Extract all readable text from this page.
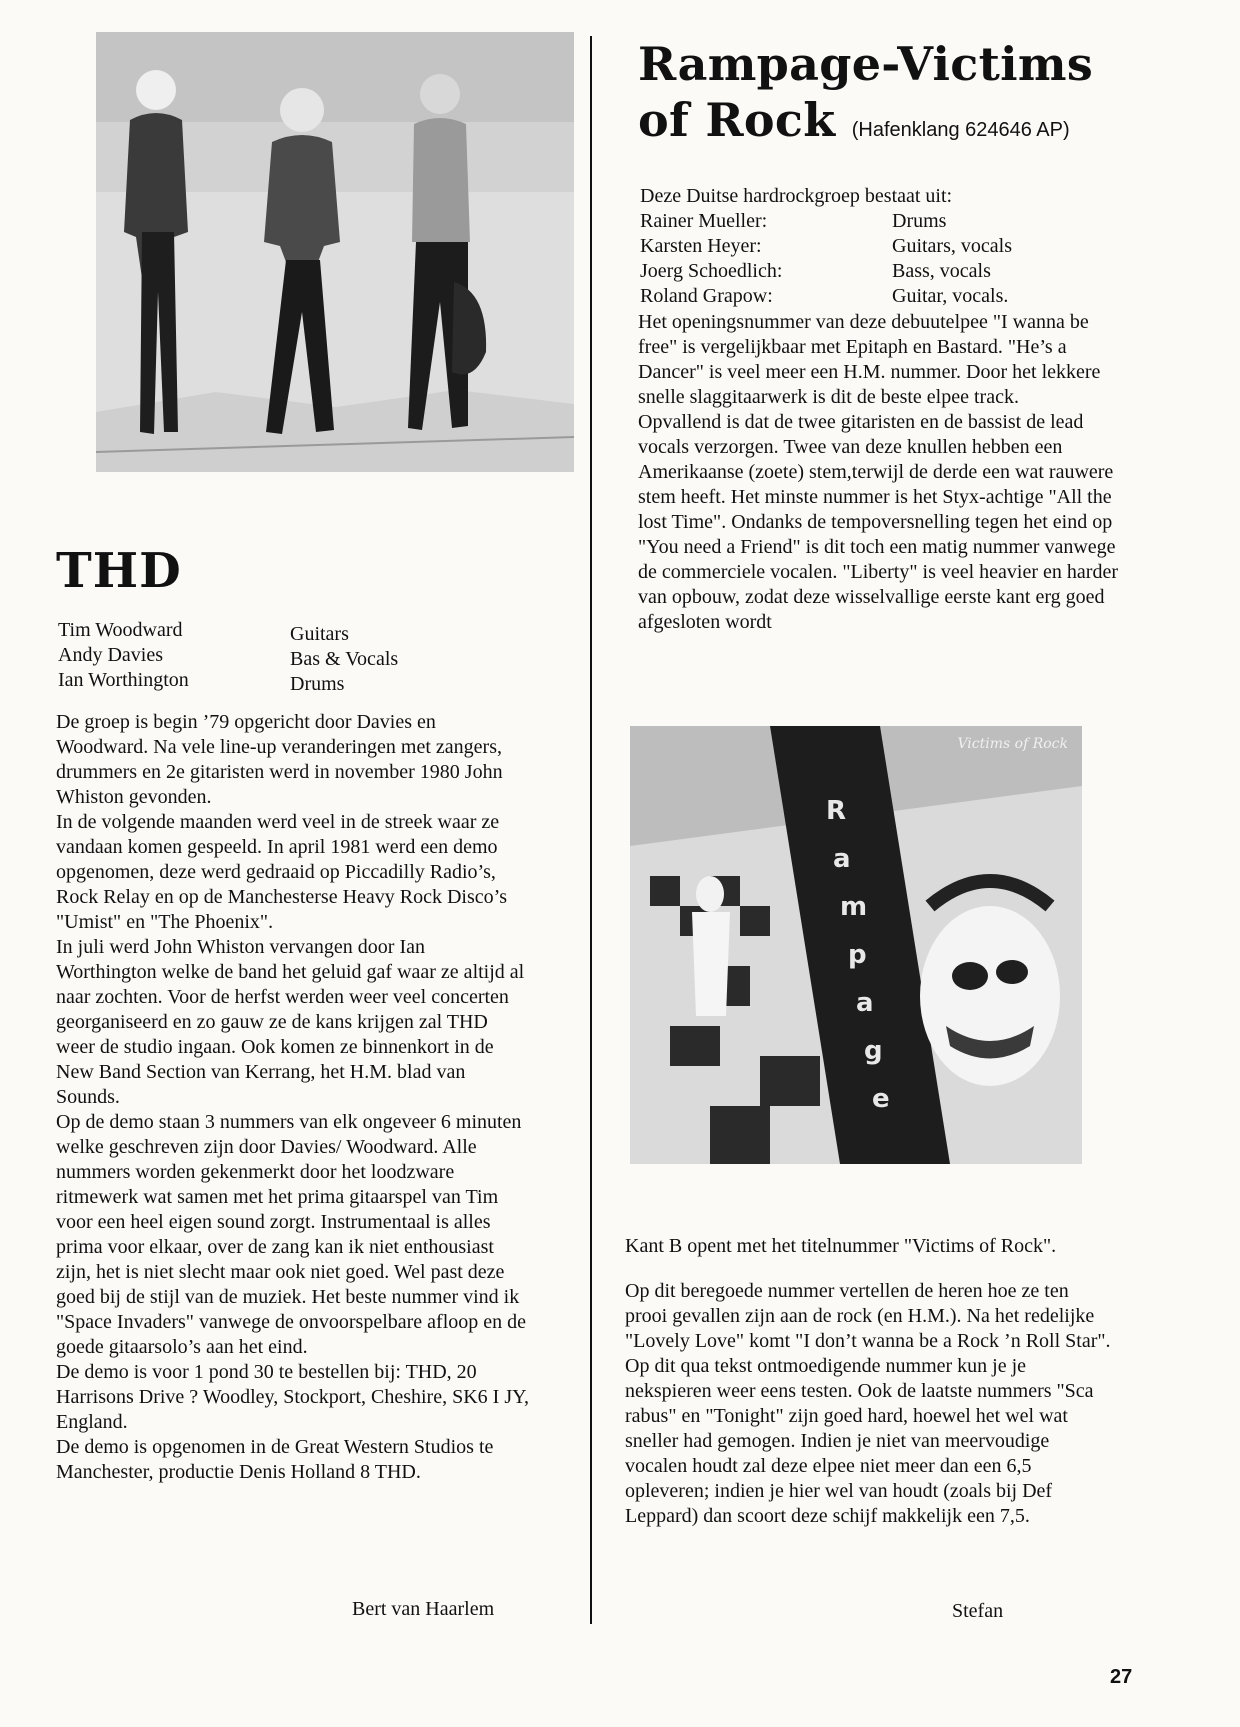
THD
Tim Woodward	Guitars
Andy Davies	Bas & Vocals
Ian Worthington	Drums

De groep is begin ’79 opgericht door Davies en Woodward. Na vele line-up veranderingen met zangers, drummers en 2e gitaristen werd in november 1980 John Whiston gevonden.

In de volgende maanden werd veel in de streek waar ze vandaan komen gespeeld. In april 1981 werd een demo opgenomen, deze werd gedraaid op Piccadilly Radio’s, Rock Relay en op de Manchesterse Heavy Rock Disco’s "Umist" en "The Phoenix".

In juli werd John Whiston vervangen door Ian Worthington welke de band het geluid gaf waar ze altijd al naar zochten. Voor de herfst werden weer veel concerten georganiseerd en zo gauw ze de kans krijgen zal THD weer de studio ingaan. Ook komen ze binnenkort in de New Band Section van Kerrang, het H.M. blad van Sounds.

Op de demo staan 3 nummers van elk ongeveer 6 minuten welke geschreven zijn door Davies/ Woodward. Alle nummers worden gekenmerkt door het loodzware ritmewerk wat samen met het prima gitaarspel van Tim voor een heel eigen sound zorgt. Instrumentaal is alles prima voor elkaar, over de zang kan ik niet enthousiast zijn, het is niet slecht maar ook niet goed. Wel past deze goed bij de stijl van de muziek. Het beste nummer vind ik "Space Invaders" vanwege de onvoorspelbare afloop en de goede gitaarsolo’s aan het eind.

De demo is voor 1 pond 30 te bestellen bij: THD, 20 Harrisons Drive ? Woodley, Stockport, Cheshire, SK6 I JY, England.

De demo is opgenomen in de Great Western Studios te Manchester, productie Denis Holland 8 THD.

Bert van Haarlem
Rampage-Victims
of Rock (Hafenklang 624646 AP)
Deze Duitse hardrockgroep bestaat uit:
Rainer Mueller:	Drums
Karsten Heyer:	Guitars, vocals
Joerg Schoedlich:	Bass, vocals
Roland Grapow:	Guitar, vocals.

Het openingsnummer van deze debuutelpee "I wanna be free" is vergelijkbaar met Epitaph en Bastard. "He’s a Dancer" is veel meer een H.M. nummer. Door het lekkere snelle slaggitaarwerk is dit de beste elpee track.

Opvallend is dat de twee gitaristen en de bassist de lead vocals verzorgen. Twee van deze knullen hebben een Amerikaanse (zoete) stem,terwijl de derde een wat rauwere stem heeft. Het minste nummer is het Styx-achtige "All the lost Time". Ondanks de tempoversnelling tegen het eind op "You need a Friend" is dit toch een matig nummer vanwege de commerciele vocalen. "Liberty" is veel heavier en harder van opbouw, zodat deze wisselvallige eerste kant erg goed afgesloten wordt

Victims of Rock
R
a
m
p
a
g
e

Kant B opent met het titelnummer "Victims of Rock".

Op dit beregoede nummer vertellen de heren hoe ze ten prooi gevallen zijn aan de rock (en H.M.). Na het redelijke "Lovely Love" komt "I don’t wanna be a Rock ’n Roll Star". Op dit qua tekst ontmoedigende nummer kun je je nekspieren weer eens testen. Ook de laatste nummers "Sca rabus" en "Tonight" zijn goed hard, hoewel het wel wat sneller had gemogen. Indien je niet van meervoudige vocalen houdt zal deze elpee niet meer dan een 6,5 opleveren; indien je hier wel van houdt (zoals bij Def Leppard) dan scoort deze schijf makkelijk een 7,5.

Stefan
27
